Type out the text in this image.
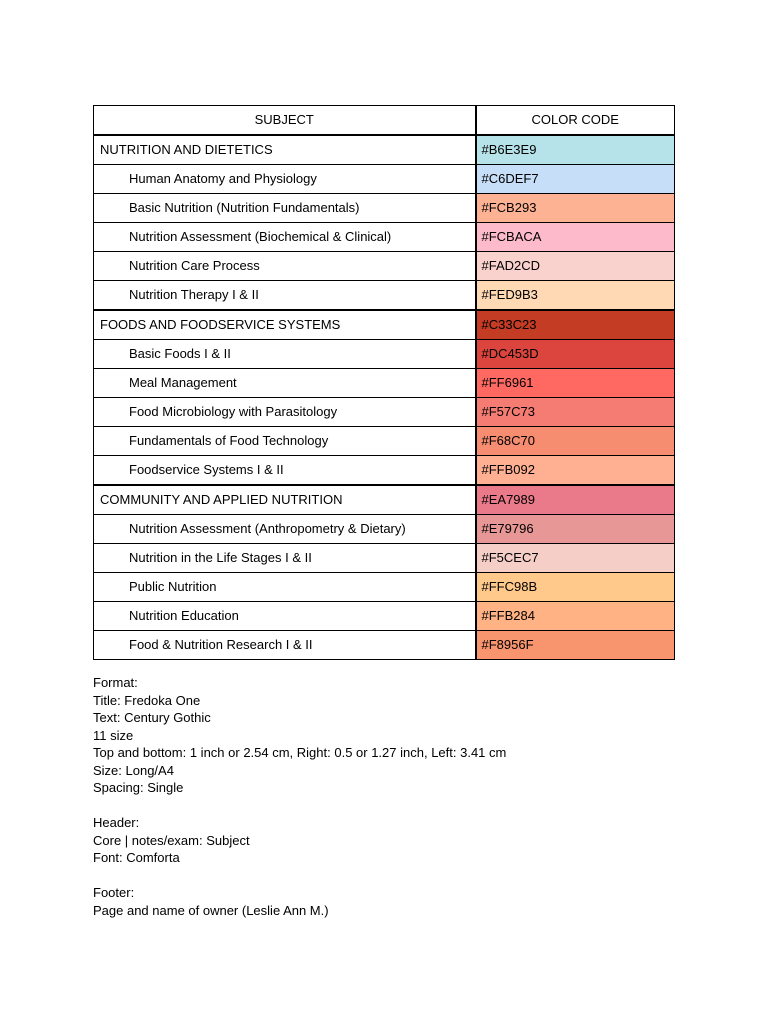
SUBJECT	COLOR CODE
NUTRITION AND DIETETICS	#B6E3E9
Human Anatomy and Physiology	#C6DEF7
Basic Nutrition (Nutrition Fundamentals)	#FCB293
Nutrition Assessment (Biochemical & Clinical)	#FCBACA
Nutrition Care Process	#FAD2CD
Nutrition Therapy I & II	#FED9B3
FOODS AND FOODSERVICE SYSTEMS	#C33C23
Basic Foods I & II	#DC453D
Meal Management	#FF6961
Food Microbiology with Parasitology	#F57C73
Fundamentals of Food Technology	#F68C70
Foodservice Systems I & II	#FFB092
COMMUNITY AND APPLIED NUTRITION	#EA7989
Nutrition Assessment (Anthropometry & Dietary)	#E79796
Nutrition in the Life Stages I & II	#F5CEC7
Public Nutrition	#FFC98B
Nutrition Education	#FFB284
Food & Nutrition Research I & II	#F8956F
Format:
Title: Fredoka One
Text: Century Gothic
11 size
Top and bottom: 1 inch or 2.54 cm, Right: 0.5 or 1.27 inch, Left: 3.41 cm
Size: Long/A4
Spacing: Single
Header:
Core | notes/exam: Subject
Font: Comforta
Footer:
Page and name of owner (Leslie Ann M.)
